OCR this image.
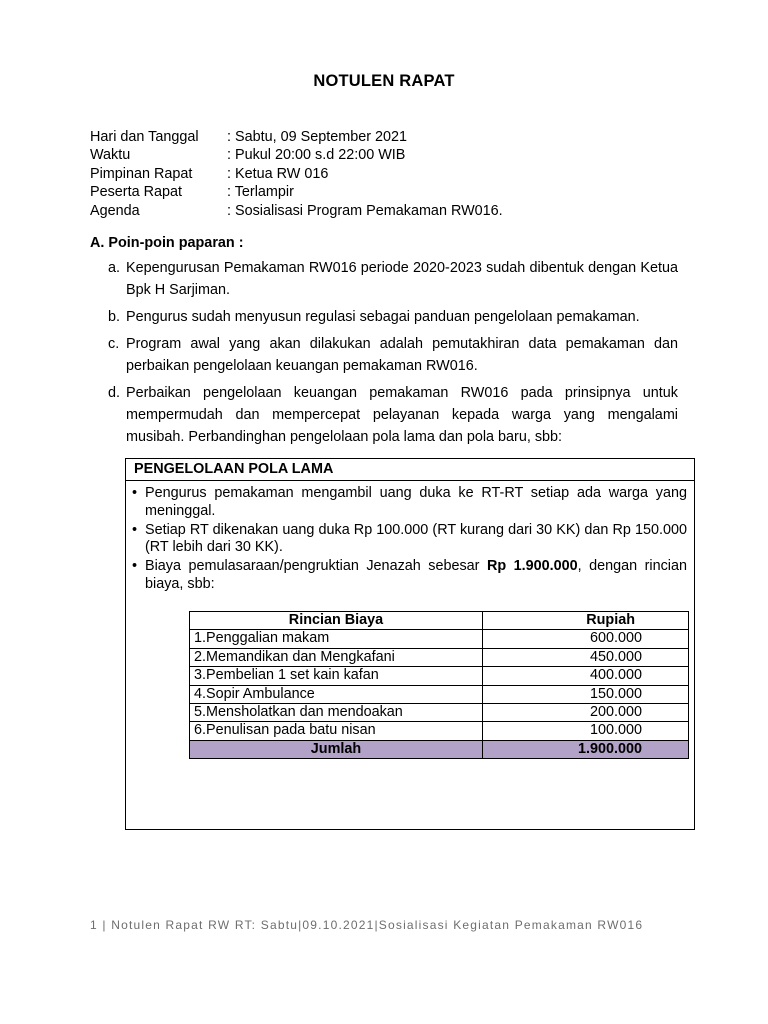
NOTULEN RAPAT
Hari dan Tanggal	: Sabtu, 09 September 2021
Waktu	: Pukul 20:00 s.d 22:00 WIB
Pimpinan Rapat	: Ketua RW 016
Peserta Rapat	: Terlampir
Agenda	: Sosialisasi Program Pemakaman RW016.
A. Poin-poin paparan :
a. Kepengurusan Pemakaman RW016 periode 2020-2023 sudah dibentuk dengan Ketua Bpk H Sarjiman.
b. Pengurus sudah menyusun regulasi sebagai panduan pengelolaan pemakaman.
c. Program awal yang akan dilakukan adalah pemutakhiran data pemakaman dan perbaikan pengelolaan keuangan pemakaman RW016.
d. Perbaikan pengelolaan keuangan pemakaman RW016 pada prinsipnya untuk mempermudah dan mempercepat pelayanan kepada warga yang mengalami musibah. Perbandinghan pengelolaan pola lama dan pola baru, sbb:
PENGELOLAAN POLA LAMA
• Pengurus pemakaman mengambil uang duka ke RT-RT setiap ada warga yang meninggal.
• Setiap RT dikenakan uang duka Rp 100.000 (RT kurang dari 30 KK) dan Rp 150.000 (RT lebih dari 30 KK).
• Biaya pemulasaraan/pengruktian Jenazah sebesar Rp 1.900.000, dengan rincian biaya, sbb:
Rincian Biaya	Rupiah
1.Penggalian makam	600.000
2.Memandikan dan Mengkafani	450.000
3.Pembelian 1 set kain kafan	400.000
4.Sopir Ambulance	150.000
5.Mensholatkan dan mendoakan	200.000
6.Penulisan pada batu nisan	100.000
Jumlah	1.900.000
1 | Notulen Rapat RW RT: Sabtu|09.10.2021|Sosialisasi Kegiatan Pemakaman RW016
